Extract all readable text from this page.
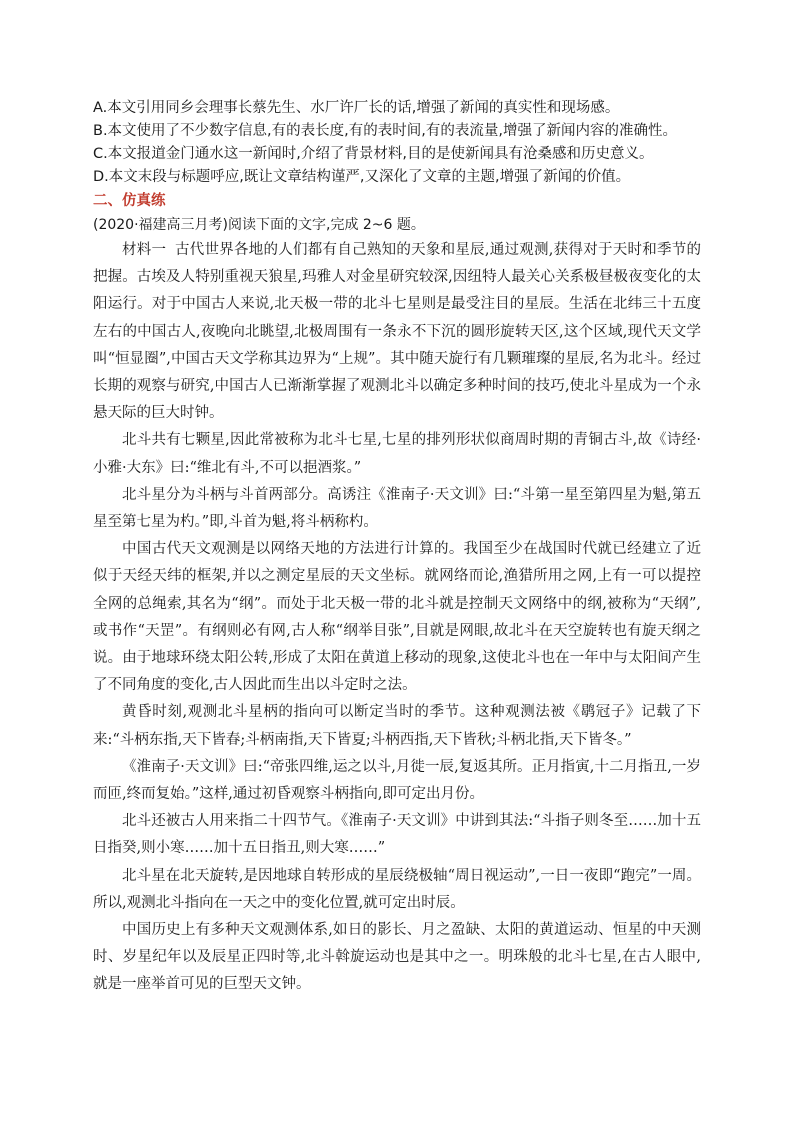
A.本文引用同乡会理事长蔡先生、水厂许厂长的话,增强了新闻的真实性和现场感。

B.本文使用了不少数字信息,有的表长度,有的表时间,有的表流量,增强了新闻内容的准确性。

C.本文报道金门通水这一新闻时,介绍了背景材料,目的是使新闻具有沧桑感和历史意义。

D.本文末段与标题呼应,既让文章结构谨严,又深化了文章的主题,增强了新闻的价值。

二、仿真练

(2020·福建高三月考)阅读下面的文字,完成 2~6 题。

材料一 古代世界各地的人们都有自己熟知的天象和星辰,通过观测,获得对于天时和季节的把握。古埃及人特别重视天狼星,玛雅人对金星研究较深,因纽特人最关心关系极昼极夜变化的太阳运行。对于中国古人来说,北天极一带的北斗七星则是最受注目的星辰。生活在北纬三十五度左右的中国古人,夜晚向北眺望,北极周围有一条永不下沉的圆形旋转天区,这个区域,现代天文学叫“恒显圈”,中国古天文学称其边界为“上规”。其中随天旋行有几颗璀璨的星辰,名为北斗。经过长期的观察与研究,中国古人已渐渐掌握了观测北斗以确定多种时间的技巧,使北斗星成为一个永悬天际的巨大时钟。

北斗共有七颗星,因此常被称为北斗七星,七星的排列形状似商周时期的青铜古斗,故《诗经·小雅·大东》曰:“维北有斗,不可以挹酒浆。”

北斗星分为斗柄与斗首两部分。高诱注《淮南子·天文训》曰:“斗第一星至第四星为魁,第五星至第七星为杓。”即,斗首为魁,将斗柄称杓。

中国古代天文观测是以网络天地的方法进行计算的。我国至少在战国时代就已经建立了近似于天经天纬的框架,并以之测定星辰的天文坐标。就网络而论,渔猎所用之网,上有一可以提控全网的总绳索,其名为“纲”。而处于北天极一带的北斗就是控制天文网络中的纲,被称为“天纲”,或书作“天罡”。有纲则必有网,古人称“纲举目张”,目就是网眼,故北斗在天空旋转也有旋天纲之说。由于地球环绕太阳公转,形成了太阳在黄道上移动的现象,这使北斗也在一年中与太阳间产生了不同角度的变化,古人因此而生出以斗定时之法。

黄昏时刻,观测北斗星柄的指向可以断定当时的季节。这种观测法被《鹖冠子》记载了下来:“斗柄东指,天下皆春;斗柄南指,天下皆夏;斗柄西指,天下皆秋;斗柄北指,天下皆冬。”

《淮南子·天文训》曰:“帝张四维,运之以斗,月徙一辰,复返其所。正月指寅,十二月指丑,一岁而匝,终而复始。”这样,通过初昏观察斗柄指向,即可定出月份。

北斗还被古人用来指二十四节气。《淮南子·天文训》中讲到其法:“斗指子则冬至……加十五日指癸,则小寒……加十五日指丑,则大寒……”

北斗星在北天旋转,是因地球自转形成的星辰绕极轴“周日视运动”,一日一夜即“跑完”一周。所以,观测北斗指向在一天之中的变化位置,就可定出时辰。

中国历史上有多种天文观测体系,如日的影长、月之盈缺、太阳的黄道运动、恒星的中天测时、岁星纪年以及辰星正四时等,北斗斡旋运动也是其中之一。明珠般的北斗七星,在古人眼中,就是一座举首可见的巨型天文钟。
